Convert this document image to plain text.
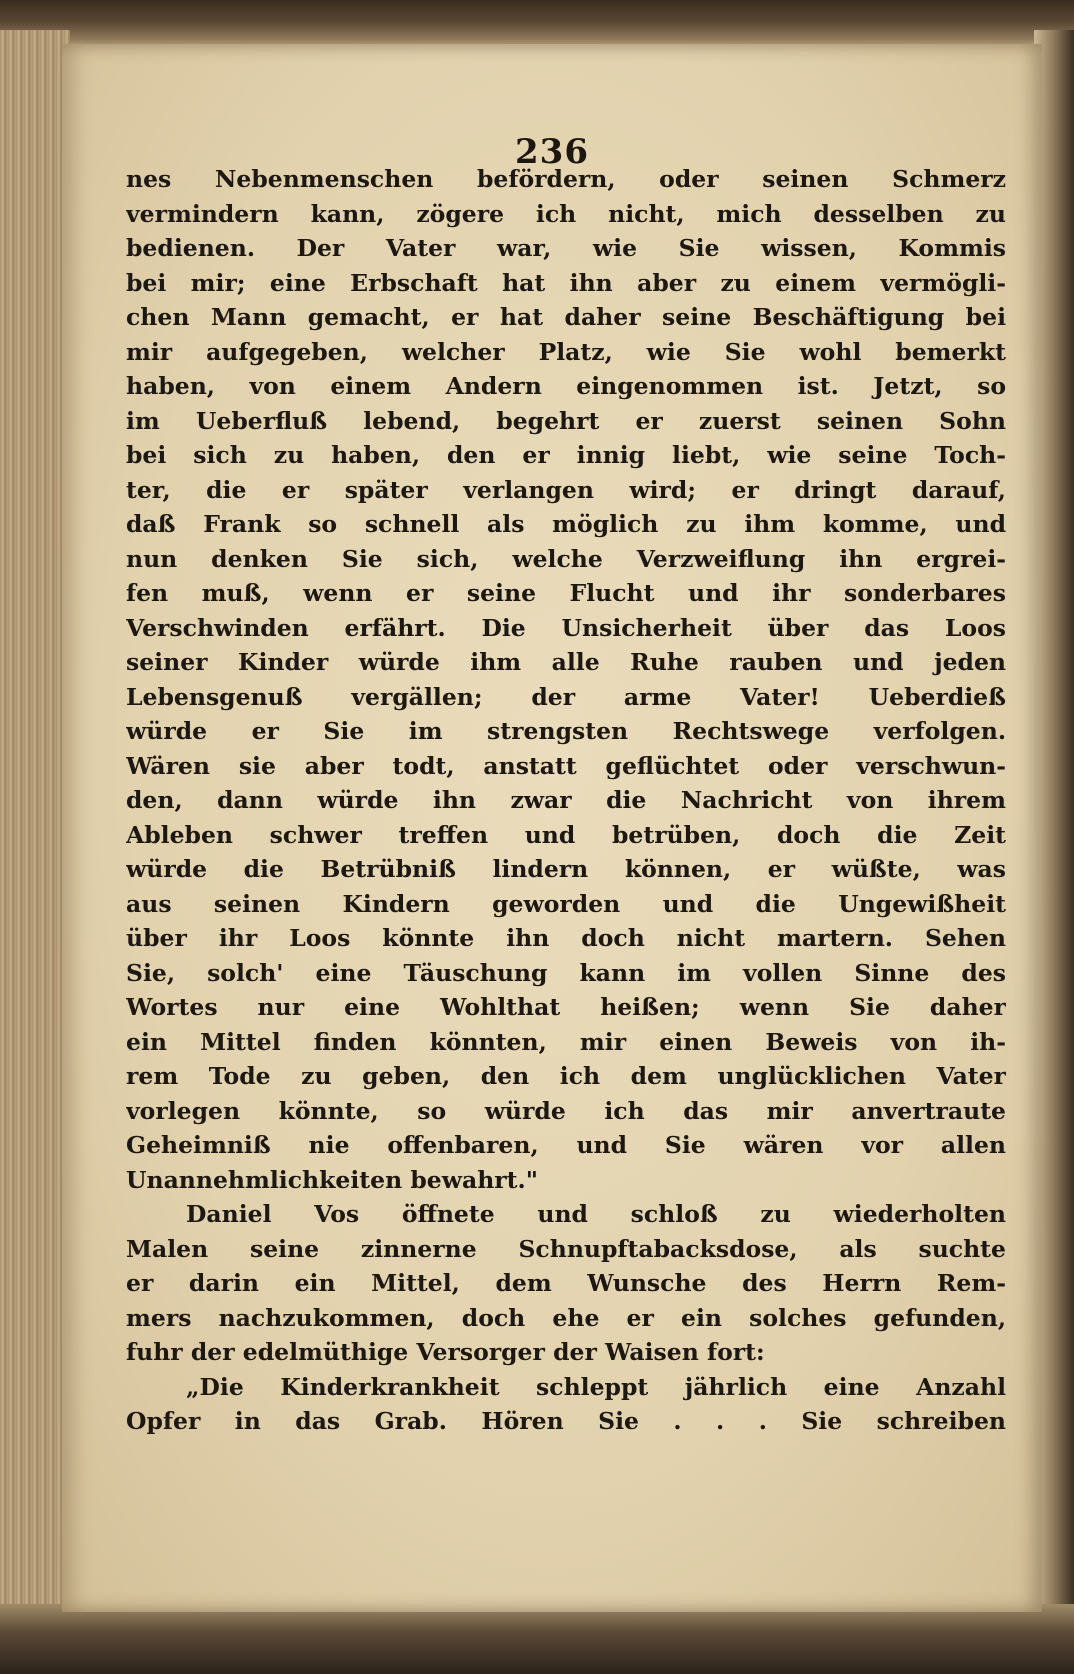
236
nes Nebenmenschen befördern, oder seinen Schmerz
vermindern kann, zögere ich nicht, mich desselben zu
bedienen. Der Vater war, wie Sie wissen, Kommis
bei mir; eine Erbschaft hat ihn aber zu einem vermögli-
chen Mann gemacht, er hat daher seine Beschäftigung bei
mir aufgegeben, welcher Platz, wie Sie wohl bemerkt
haben, von einem Andern eingenommen ist. Jetzt, so
im Ueberfluß lebend, begehrt er zuerst seinen Sohn
bei sich zu haben, den er innig liebt, wie seine Toch-
ter, die er später verlangen wird; er dringt darauf,
daß Frank so schnell als möglich zu ihm komme, und
nun denken Sie sich, welche Verzweiflung ihn ergrei-
fen muß, wenn er seine Flucht und ihr sonderbares
Verschwinden erfährt. Die Unsicherheit über das Loos
seiner Kinder würde ihm alle Ruhe rauben und jeden
Lebensgenuß vergällen; der arme Vater! Ueberdieß
würde er Sie im strengsten Rechtswege verfolgen.
Wären sie aber todt, anstatt geflüchtet oder verschwun-
den, dann würde ihn zwar die Nachricht von ihrem
Ableben schwer treffen und betrüben, doch die Zeit
würde die Betrübniß lindern können, er wüßte, was
aus seinen Kindern geworden und die Ungewißheit
über ihr Loos könnte ihn doch nicht martern. Sehen
Sie, solch' eine Täuschung kann im vollen Sinne des
Wortes nur eine Wohlthat heißen; wenn Sie daher
ein Mittel finden könnten, mir einen Beweis von ih-
rem Tode zu geben, den ich dem unglücklichen Vater
vorlegen könnte, so würde ich das mir anvertraute
Geheimniß nie offenbaren, und Sie wären vor allen
Unannehmlichkeiten bewahrt."
Daniel Vos öffnete und schloß zu wiederholten
Malen seine zinnerne Schnupftabacksdose, als suchte
er darin ein Mittel, dem Wunsche des Herrn Rem-
mers nachzukommen, doch ehe er ein solches gefunden,
fuhr der edelmüthige Versorger der Waisen fort:
„Die Kinderkrankheit schleppt jährlich eine Anzahl
Opfer in das Grab. Hören Sie . . . Sie schreiben
